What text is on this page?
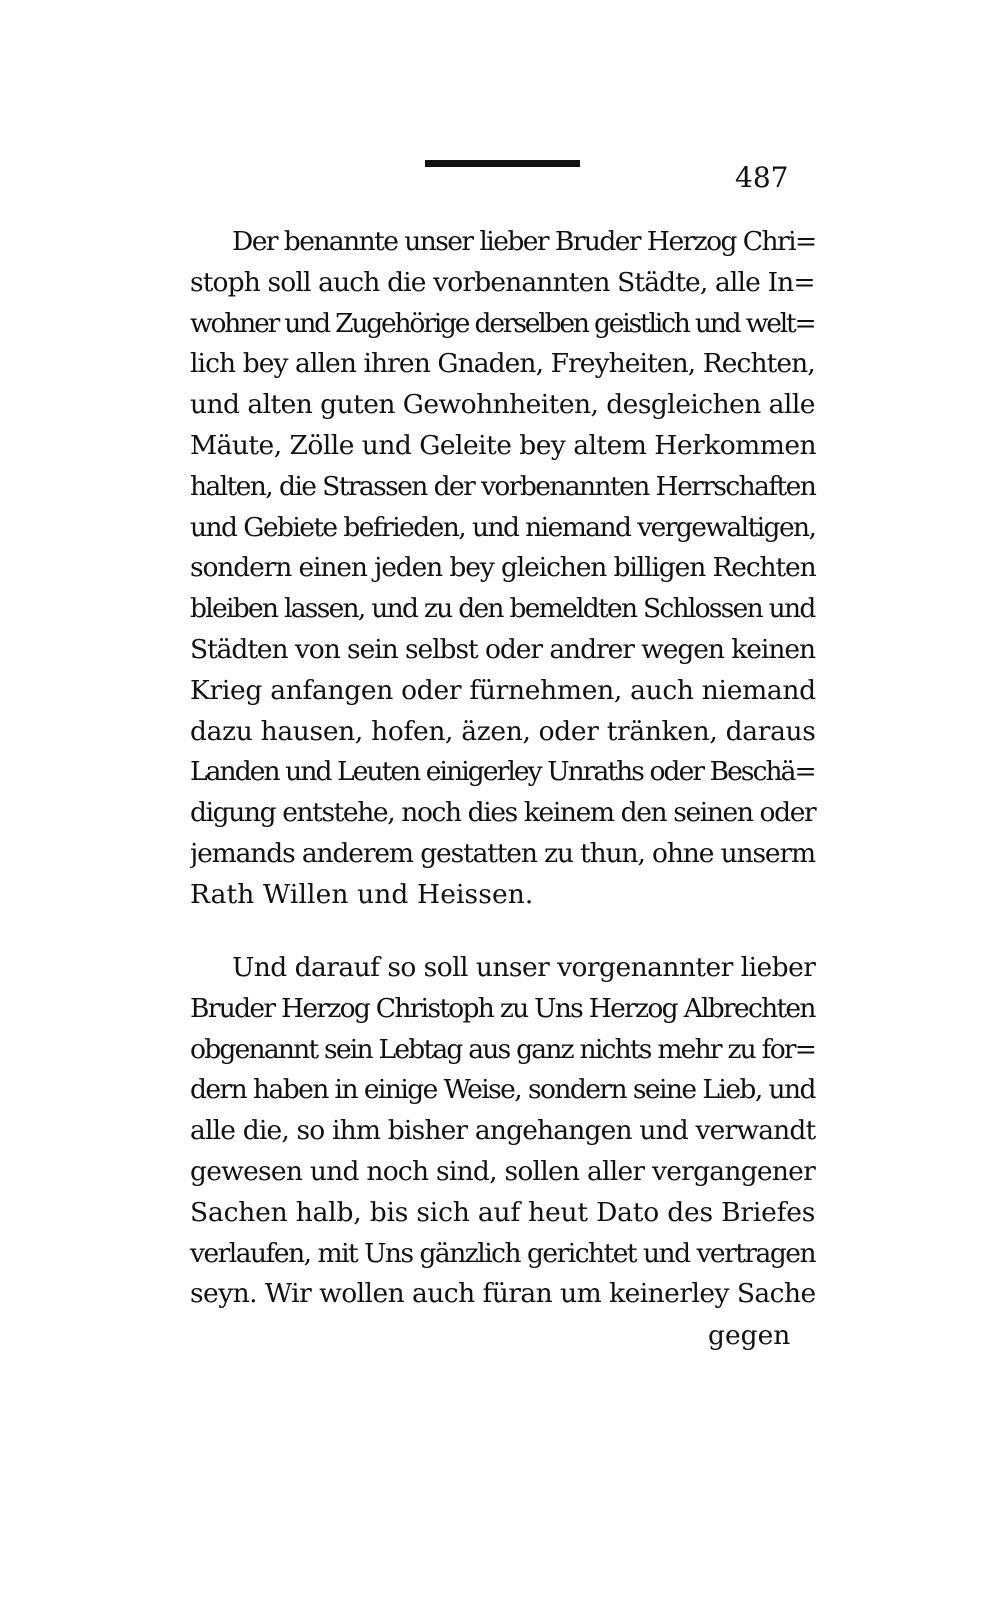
487
Der benannte unser lieber Bruder Herzog Chri=
stoph soll auch die vorbenannten Städte, alle In=
wohner und Zugehörige derselben geistlich und welt=
lich bey allen ihren Gnaden, Freyheiten, Rechten,
und alten guten Gewohnheiten, desgleichen alle
Mäute, Zölle und Geleite bey altem Herkommen
halten, die Strassen der vorbenannten Herrschaften
und Gebiete befrieden, und niemand vergewaltigen,
sondern einen jeden bey gleichen billigen Rechten
bleiben lassen, und zu den bemeldten Schlossen und
Städten von sein selbst oder andrer wegen keinen
Krieg anfangen oder fürnehmen, auch niemand
dazu hausen, hofen, äzen, oder tränken, daraus
Landen und Leuten einigerley Unraths oder Beschä=
digung entstehe, noch dies keinem den seinen oder
jemands anderem gestatten zu thun, ohne unserm
Rath Willen und Heissen.
Und darauf so soll unser vorgenannter lieber
Bruder Herzog Christoph zu Uns Herzog Albrechten
obgenannt sein Lebtag aus ganz nichts mehr zu for=
dern haben in einige Weise, sondern seine Lieb, und
alle die, so ihm bisher angehangen und verwandt
gewesen und noch sind, sollen aller vergangener
Sachen halb, bis sich auf heut Dato des Briefes
verlaufen, mit Uns gänzlich gerichtet und vertragen
seyn. Wir wollen auch füran um keinerley Sache
gegen
